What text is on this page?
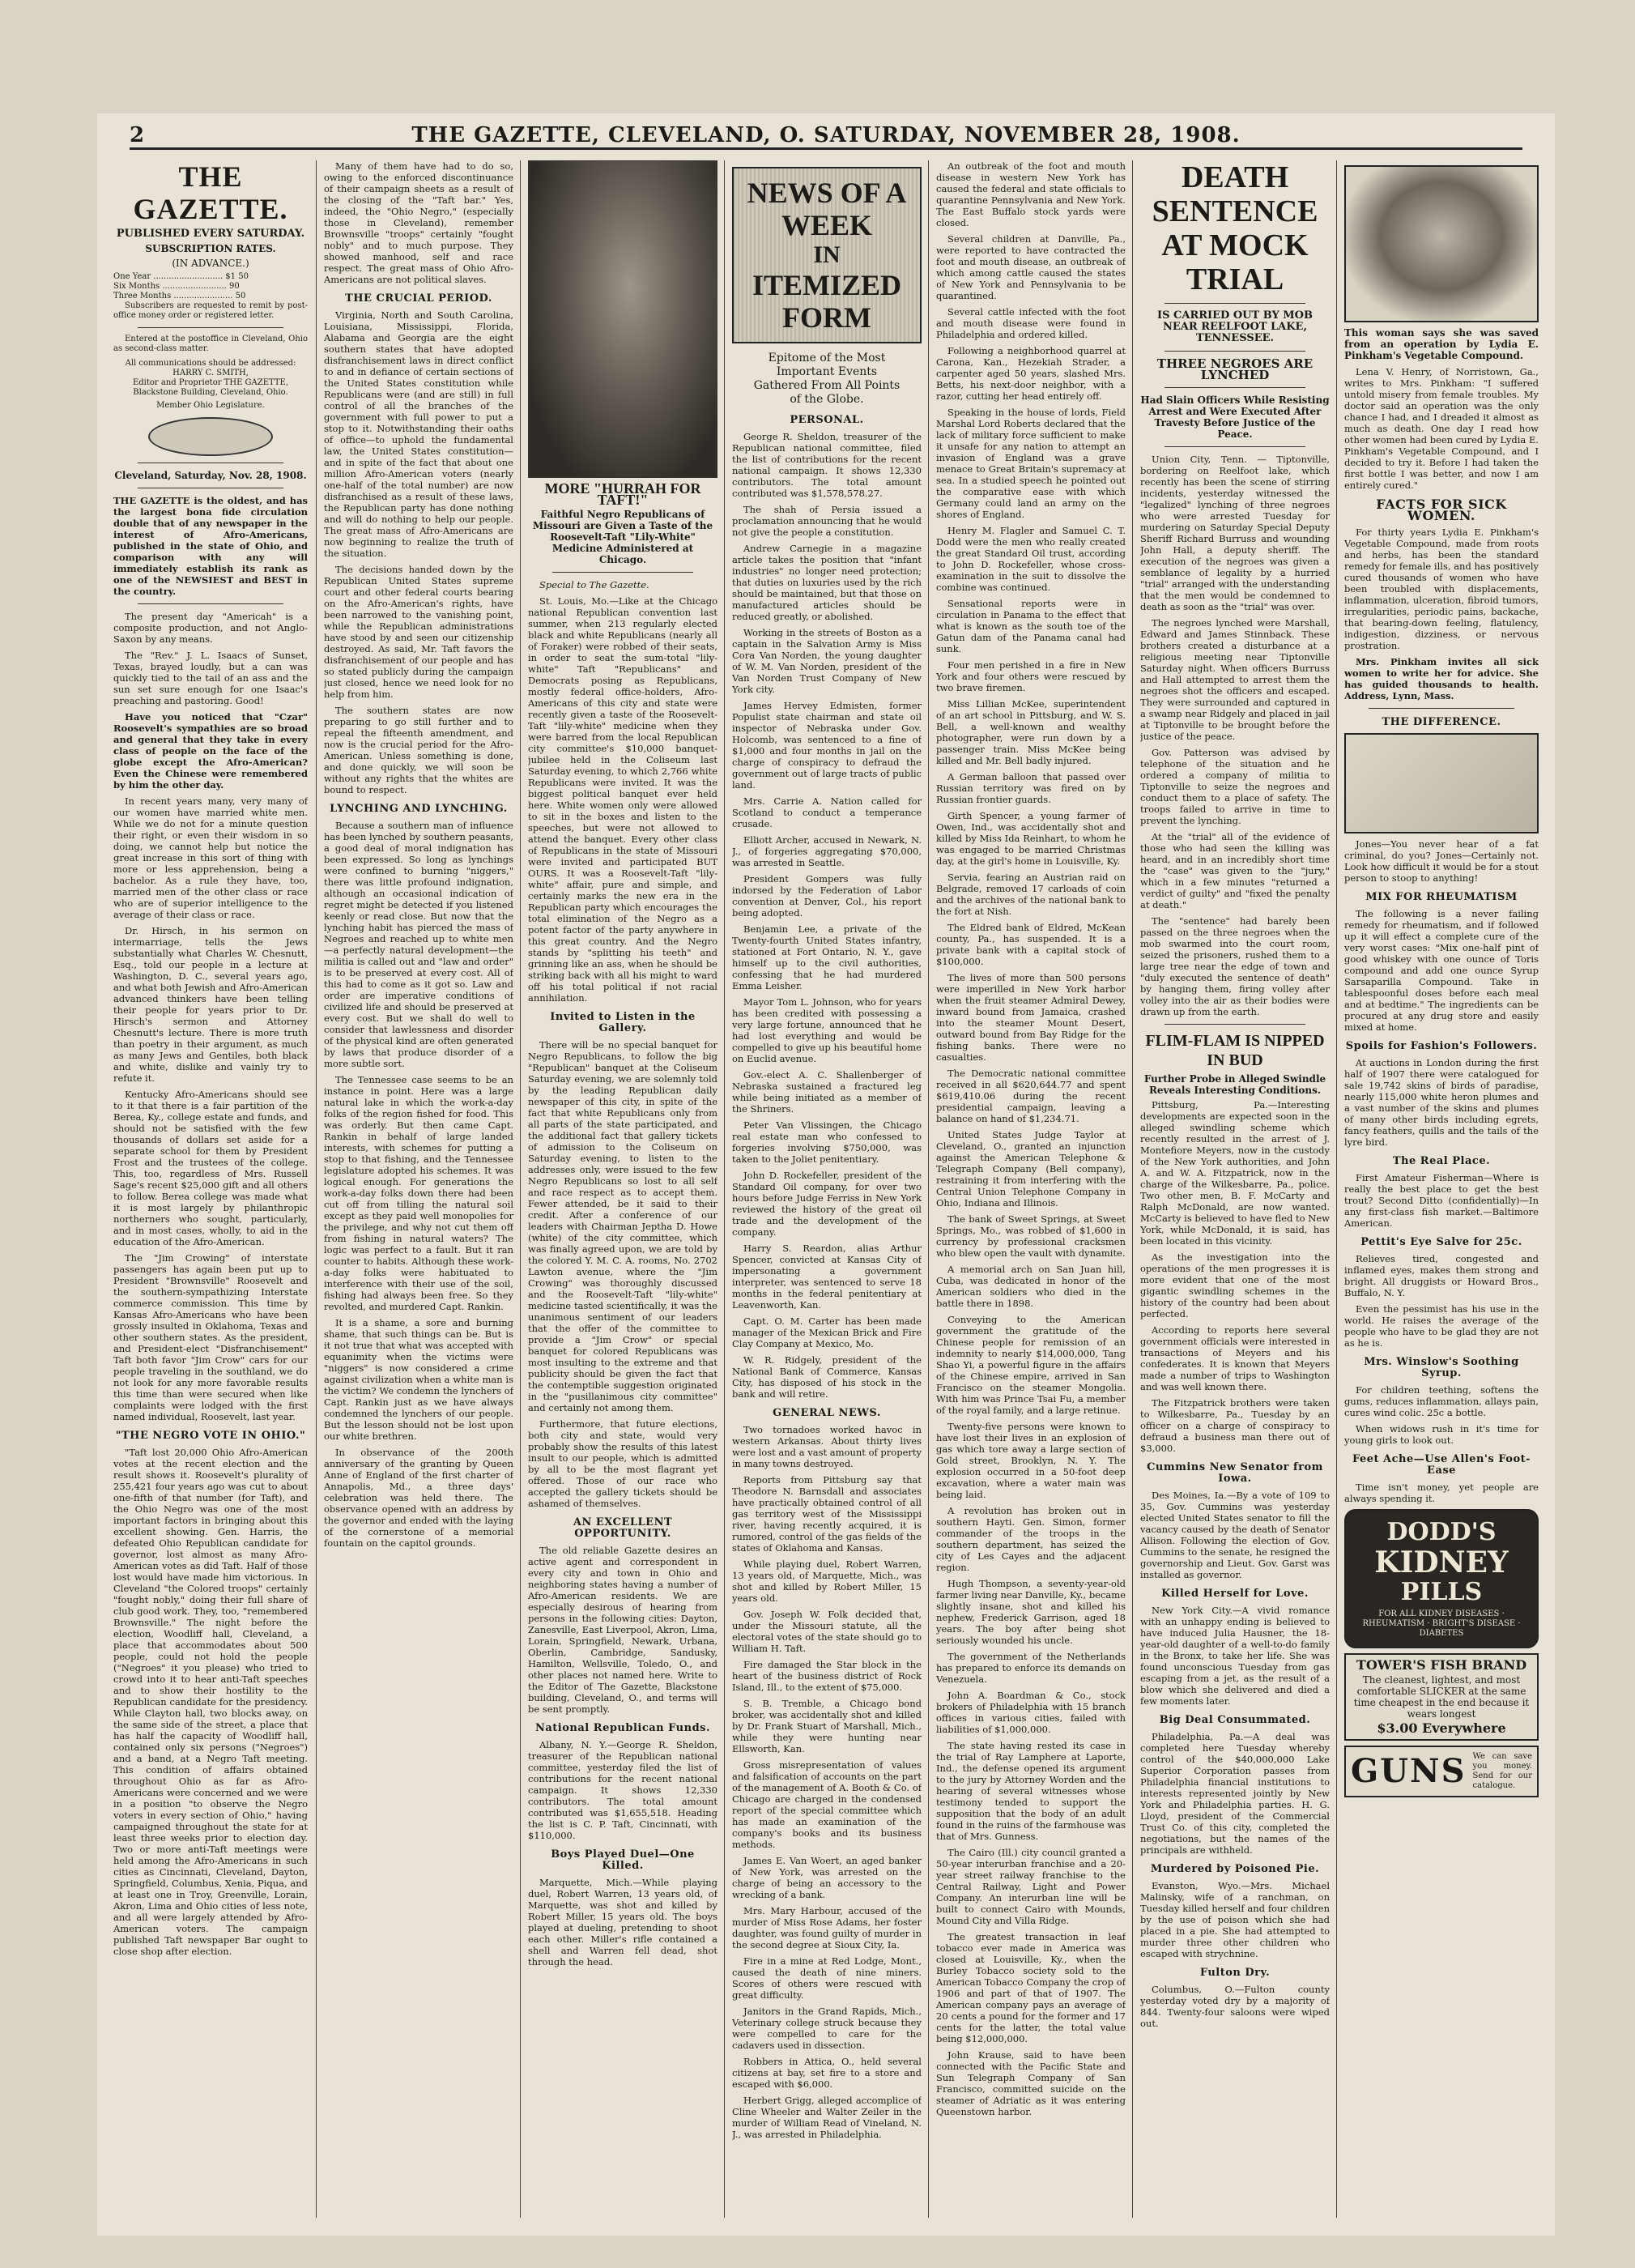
2	THE GAZETTE, CLEVELAND, O. SATURDAY, NOVEMBER 28, 1908.
THE GAZETTE.
PUBLISHED EVERY SATURDAY.
SUBSCRIPTION RATES.
(IN ADVANCE.)
One Year ........................... $1 50
Six Months ......................... 90
Three Months ....................... 50

Subscribers are requested to remit by post-office money order or registered letter.

Entered at the postoffice in Cleveland, Ohio as second-class matter.

All communications should be addressed:
HARRY C. SMITH,
Editor and Proprietor THE GAZETTE,
Blackstone Building, Cleveland, Ohio.
Member Ohio Legislature.
Cleveland, Saturday, Nov. 28, 1908.

THE GAZETTE is the oldest, and has the largest bona fide circulation double that of any newspaper in the interest of Afro-Americans, published in the state of Ohio, and comparison with any will immediately establish its rank as one of the NEWSIEST and BEST in the country.

The present day "Americah" is a composite production, and not Anglo-Saxon by any means.

The "Rev." J. L. Isaacs of Sunset, Texas, brayed loudly, but a can was quickly tied to the tail of an ass and the sun set sure enough for one Isaac's preaching and pastoring. Good!

Have you noticed that "Czar" Roosevelt's sympathies are so broad and general that they take in every class of people on the face of the globe except the Afro-American? Even the Chinese were remembered by him the other day.

In recent years many, very many of our women have married white men. While we do not for a minute question their right, or even their wisdom in so doing, we cannot help but notice the great increase in this sort of thing with more or less apprehension, being a bachelor. As a rule they have, too, married men of the other class or race who are of superior intelligence to the average of their class or race.

Dr. Hirsch, in his sermon on intermarriage, tells the Jews substantially what Charles W. Chesnutt, Esq., told our people in a lecture at Washington, D. C., several years ago, and what both Jewish and Afro-American advanced thinkers have been telling their people for years prior to Dr. Hirsch's sermon and Attorney Chesnutt's lecture. There is more truth than poetry in their argument, as much as many Jews and Gentiles, both black and white, dislike and vainly try to refute it.

Kentucky Afro-Americans should see to it that there is a fair partition of the Berea, Ky., college estate and funds, and should not be satisfied with the few thousands of dollars set aside for a separate school for them by President Frost and the trustees of the college. This, too, regardless of Mrs. Russell Sage's recent $25,000 gift and all others to follow. Berea college was made what it is most largely by philanthropic northerners who sought, particularly, and in most cases, wholly, to aid in the education of the Afro-American.

The "Jim Crowing" of interstate passengers has again been put up to President "Brownsville" Roosevelt and the southern-sympathizing Interstate commerce commission. This time by Kansas Afro-Americans who have been grossly insulted in Oklahoma, Texas and other southern states. As the president, and President-elect "Disfranchisement" Taft both favor "Jim Crow" cars for our people traveling in the southland, we do not look for any more favorable results this time than were secured when like complaints were lodged with the first named individual, Roosevelt, last year.

"THE NEGRO VOTE IN OHIO."

"Taft lost 20,000 Ohio Afro-American votes at the recent election and the result shows it. Roosevelt's plurality of 255,421 four years ago was cut to about one-fifth of that number (for Taft), and the Ohio Negro was one of the most important factors in bringing about this excellent showing. Gen. Harris, the defeated Ohio Republican candidate for governor, lost almost as many Afro-American votes as did Taft. Half of those lost would have made him victorious. In Cleveland "the Colored troops" certainly "fought nobly," doing their full share of club good work. They, too, "remembered Brownsville." The night before the election, Woodliff hall, Cleveland, a place that accommodates about 500 people, could not hold the people ("Negroes" it you please) who tried to crowd into it to hear anti-Taft speeches and to show their hostility to the Republican candidate for the presidency. While Clayton hall, two blocks away, on the same side of the street, a place that has half the capacity of Woodliff hall, contained only six persons ("Negroes") and a band, at a Negro Taft meeting. This condition of affairs obtained throughout Ohio as far as Afro-Americans were concerned and we were in a position "to observe the Negro voters in every section of Ohio," having campaigned throughout the state for at least three weeks prior to election day. Two or more anti-Taft meetings were held among the Afro-Americans in such cities as Cincinnati, Cleveland, Dayton, Springfield, Columbus, Xenia, Piqua, and at least one in Troy, Greenville, Lorain, Akron, Lima and Ohio cities of less note, and all were largely attended by Afro-American voters. The campaign published Taft newspaper Bar ought to close shop after election.

Many of them have had to do so, owing to the enforced discontinuance of their campaign sheets as a result of the closing of the "Taft bar." Yes, indeed, the "Ohio Negro," (especially those in Cleveland), remember Brownsville "troops" certainly "fought nobly" and to much purpose. They showed manhood, self and race respect. The great mass of Ohio Afro-Americans are not political slaves.

THE CRUCIAL PERIOD.

Virginia, North and South Carolina, Louisiana, Mississippi, Florida, Alabama and Georgia are the eight southern states that have adopted disfranchisement laws in direct conflict to and in defiance of certain sections of the United States constitution while Republicans were (and are still) in full control of all the branches of the government with full power to put a stop to it. Notwithstanding their oaths of office—to uphold the fundamental law, the United States constitution—and in spite of the fact that about one million Afro-American voters (nearly one-half of the total number) are now disfranchised as a result of these laws, the Republican party has done nothing and will do nothing to help our people. The great mass of Afro-Americans are now beginning to realize the truth of the situation.

The decisions handed down by the Republican United States supreme court and other federal courts bearing on the Afro-American's rights, have been narrowed to the vanishing point, while the Republican administrations have stood by and seen our citizenship destroyed. As said, Mr. Taft favors the disfranchisement of our people and has so stated publicly during the campaign just closed, hence we need look for no help from him.

The southern states are now preparing to go still further and to repeal the fifteenth amendment, and now is the crucial period for the Afro-American. Unless something is done, and done quickly, we will soon be without any rights that the whites are bound to respect.

LYNCHING AND LYNCHING.

Because a southern man of influence has been lynched by southern peasants, a good deal of moral indignation has been expressed. So long as lynchings were confined to burning "niggers," there was little profound indignation, although an occasional indication of regret might be detected if you listened keenly or read close. But now that the lynching habit has pierced the mass of Negroes and reached up to white men—a perfectly natural development—the militia is called out and "law and order" is to be preserved at every cost. All of this had to come as it got so. Law and order are imperative conditions of civilized life and should be preserved at every cost. But we shall do well to consider that lawlessness and disorder of the physical kind are often generated by laws that produce disorder of a more subtle sort.

The Tennessee case seems to be an instance in point. Here was a large natural lake in which the work-a-day folks of the region fished for food. This was orderly. But then came Capt. Rankin in behalf of large landed interests, with schemes for putting a stop to that fishing, and the Tennessee legislature adopted his schemes. It was logical enough. For generations the work-a-day folks down there had been cut off from tilling the natural soil except as they paid well monopolies for the privilege, and why not cut them off from fishing in natural waters? The logic was perfect to a fault. But it ran counter to habits. Although these work-a-day folks were habituated to interference with their use of the soil, fishing had always been free. So they revolted, and murdered Capt. Rankin.

It is a shame, a sore and burning shame, that such things can be. But is it not true that what was accepted with equanimity when the victims were "niggers" is now considered a crime against civilization when a white man is the victim? We condemn the lynchers of Capt. Rankin just as we have always condemned the lynchers of our people. But the lesson should not be lost upon our white brethren.

In observance of the 200th anniversary of the granting by Queen Anne of England of the first charter of Annapolis, Md., a three days' celebration was held there. The observance opened with an address by the governor and ended with the laying of the cornerstone of a memorial fountain on the capitol grounds.

MORE "HURRAH FOR TAFT!"
Faithful Negro Republicans of Missouri are Given a Taste of the Roosevelt-Taft "Lily-White" Medicine Administered at Chicago.

Special to The Gazette.

St. Louis, Mo.—Like at the Chicago national Republican convention last summer, when 213 regularly elected black and white Republicans (nearly all of Foraker) were robbed of their seats, in order to seat the sum-total "lily-white" Taft "Republicans" and Democrats posing as Republicans, mostly federal office-holders, Afro-Americans of this city and state were recently given a taste of the Roosevelt-Taft "lily-white" medicine when they were barred from the local Republican city committee's $10,000 banquet-jubilee held in the Coliseum last Saturday evening, to which 2,766 white Republicans were invited. It was the biggest political banquet ever held here. White women only were allowed to sit in the boxes and listen to the speeches, but were not allowed to attend the banquet. Every other class of Republicans in the state of Missouri were invited and participated BUT OURS. It was a Roosevelt-Taft "lily-white" affair, pure and simple, and certainly marks the new era in the Republican party which encourages the total elimination of the Negro as a potent factor of the party anywhere in this great country. And the Negro stands by "splitting his teeth" and grinning like an ass, when he should be striking back with all his might to ward off his total political if not racial annihilation.

Invited to Listen in the Gallery.

There will be no special banquet for Negro Republicans, to follow the big "Republican" banquet at the Coliseum Saturday evening, we are solemnly told by the leading Republican daily newspaper of this city, in spite of the fact that white Republicans only from all parts of the state participated, and the additional fact that gallery tickets of admission to the Coliseum on Saturday evening, to listen to the addresses only, were issued to the few Negro Republicans so lost to all self and race respect as to accept them. Fewer attended, be it said to their credit. After a conference of our leaders with Chairman Jeptha D. Howe (white) of the city committee, which was finally agreed upon, we are told by the colored Y. M. C. A. rooms, No. 2702 Lawton avenue, where the "Jim Crowing" was thoroughly discussed and the Roosevelt-Taft "lily-white" medicine tasted scientifically, it was the unanimous sentiment of our leaders that the offer of the committee to provide a "Jim Crow" or special banquet for colored Republicans was most insulting to the extreme and that publicity should be given the fact that the contemptible suggestion originated in the "pusillanimous city committee" and certainly not among them.

Furthermore, that future elections, both city and state, would very probably show the results of this latest insult to our people, which is admitted by all to be the most flagrant yet offered. Those of our race who accepted the gallery tickets should be ashamed of themselves.

AN EXCELLENT OPPORTUNITY.

The old reliable Gazette desires an active agent and correspondent in every city and town in Ohio and neighboring states having a number of Afro-American residents. We are especially desirous of hearing from persons in the following cities: Dayton, Zanesville, East Liverpool, Akron, Lima, Lorain, Springfield, Newark, Urbana, Oberlin, Cambridge, Sandusky, Hamilton, Wellsville, Toledo, O., and other places not named here. Write to the Editor of The Gazette, Blackstone building, Cleveland, O., and terms will be sent promptly.

National Republican Funds.

Albany, N. Y.—George R. Sheldon, treasurer of the Republican national committee, yesterday filed the list of contributions for the recent national campaign. It shows 12,330 contributors. The total amount contributed was $1,655,518. Heading the list is C. P. Taft, Cincinnati, with $110,000.

Boys Played Duel—One Killed.

Marquette, Mich.—While playing duel, Robert Warren, 13 years old, of Marquette, was shot and killed by Robert Miller, 15 years old. The boys played at dueling, pretending to shoot each other. Miller's rifle contained a shell and Warren fell dead, shot through the head.

NEWS OF A WEEK
IN
ITEMIZED FORM
Epitome of the Most Important Events Gathered From All Points of the Globe.
PERSONAL.

George R. Sheldon, treasurer of the Republican national committee, filed the list of contributions for the recent national campaign. It shows 12,330 contributors. The total amount contributed was $1,578,578.27.

The shah of Persia issued a proclamation announcing that he would not give the people a constitution.

Andrew Carnegie in a magazine article takes the position that "infant industries" no longer need protection; that duties on luxuries used by the rich should be maintained, but that those on manufactured articles should be reduced greatly, or abolished.

Working in the streets of Boston as a captain in the Salvation Army is Miss Cora Van Norden, the young daughter of W. M. Van Norden, president of the Van Norden Trust Company of New York city.

James Hervey Edmisten, former Populist state chairman and state oil inspector of Nebraska under Gov. Holcomb, was sentenced to a fine of $1,000 and four months in jail on the charge of conspiracy to defraud the government out of large tracts of public land.

Mrs. Carrie A. Nation called for Scotland to conduct a temperance crusade.

Elliott Archer, accused in Newark, N. J., of forgeries aggregating $70,000, was arrested in Seattle.

President Gompers was fully indorsed by the Federation of Labor convention at Denver, Col., his report being adopted.

Benjamin Lee, a private of the Twenty-fourth United States infantry, stationed at Fort Ontario, N. Y., gave himself up to the civil authorities, confessing that he had murdered Emma Leisher.

Mayor Tom L. Johnson, who for years has been credited with possessing a very large fortune, announced that he had lost everything and would be compelled to give up his beautiful home on Euclid avenue.

Gov.-elect A. C. Shallenberger of Nebraska sustained a fractured leg while being initiated as a member of the Shriners.

Peter Van Vlissingen, the Chicago real estate man who confessed to forgeries involving $750,000, was taken to the Joliet penitentiary.

John D. Rockefeller, president of the Standard Oil company, for over two hours before Judge Ferriss in New York reviewed the history of the great oil trade and the development of the company.

Harry S. Reardon, alias Arthur Spencer, convicted at Kansas City of impersonating a government interpreter, was sentenced to serve 18 months in the federal penitentiary at Leavenworth, Kan.

Capt. O. M. Carter has been made manager of the Mexican Brick and Fire Clay Company at Mexico, Mo.

W. R. Ridgely, president of the National Bank of Commerce, Kansas City, has disposed of his stock in the bank and will retire.

GENERAL NEWS.

Two tornadoes worked havoc in western Arkansas. About thirty lives were lost and a vast amount of property in many towns destroyed.

Reports from Pittsburg say that Theodore N. Barnsdall and associates have practically obtained control of all gas territory west of the Mississippi river, having recently acquired, it is rumored, control of the gas fields of the states of Oklahoma and Kansas.

While playing duel, Robert Warren, 13 years old, of Marquette, Mich., was shot and killed by Robert Miller, 15 years old.

Gov. Joseph W. Folk decided that, under the Missouri statute, all the electoral votes of the state should go to William H. Taft.

Fire damaged the Star block in the heart of the business district of Rock Island, Ill., to the extent of $75,000.

S. B. Tremble, a Chicago bond broker, was accidentally shot and killed by Dr. Frank Stuart of Marshall, Mich., while they were hunting near Ellsworth, Kan.

Gross misrepresentation of values and falsification of accounts on the part of the management of A. Booth & Co. of Chicago are charged in the condensed report of the special committee which has made an examination of the company's books and its business methods.

James E. Van Woert, an aged banker of New York, was arrested on the charge of being an accessory to the wrecking of a bank.

Mrs. Mary Harbour, accused of the murder of Miss Rose Adams, her foster daughter, was found guilty of murder in the second degree at Sioux City, Ia.

Fire in a mine at Red Lodge, Mont., caused the death of nine miners. Scores of others were rescued with great difficulty.

Janitors in the Grand Rapids, Mich., Veterinary college struck because they were compelled to care for the cadavers used in dissection.

Robbers in Attica, O., held several citizens at bay, set fire to a store and escaped with $6,000.

Herbert Grigg, alleged accomplice of Cline Wheeler and Walter Zeiler in the murder of William Read of Vineland, N. J., was arrested in Philadelphia.

An outbreak of the foot and mouth disease in western New York has caused the federal and state officials to quarantine Pennsylvania and New York. The East Buffalo stock yards were closed.

Several children at Danville, Pa., were reported to have contracted the foot and mouth disease, an outbreak of which among cattle caused the states of New York and Pennsylvania to be quarantined.

Several cattle infected with the foot and mouth disease were found in Philadelphia and ordered killed.

Following a neighborhood quarrel at Carona, Kan., Hezekiah Strader, a carpenter aged 50 years, slashed Mrs. Betts, his next-door neighbor, with a razor, cutting her head entirely off.

Speaking in the house of lords, Field Marshal Lord Roberts declared that the lack of military force sufficient to make it unsafe for any nation to attempt an invasion of England was a grave menace to Great Britain's supremacy at sea. In a studied speech he pointed out the comparative ease with which Germany could land an army on the shores of England.

Henry M. Flagler and Samuel C. T. Dodd were the men who really created the great Standard Oil trust, according to John D. Rockefeller, whose cross-examination in the suit to dissolve the combine was continued.

Sensational reports were in circulation in Panama to the effect that what is known as the south toe of the Gatun dam of the Panama canal had sunk.

Four men perished in a fire in New York and four others were rescued by two brave firemen.

Miss Lillian McKee, superintendent of an art school in Pittsburg, and W. S. Bell, a well-known and wealthy photographer, were run down by a passenger train. Miss McKee being killed and Mr. Bell badly injured.

A German balloon that passed over Russian territory was fired on by Russian frontier guards.

Girth Spencer, a young farmer of Owen, Ind., was accidentally shot and killed by Miss Ida Reinhart, to whom he was engaged to be married Christmas day, at the girl's home in Louisville, Ky.

Servia, fearing an Austrian raid on Belgrade, removed 17 carloads of coin and the archives of the national bank to the fort at Nish.

The Eldred bank of Eldred, McKean county, Pa., has suspended. It is a private bank with a capital stock of $100,000.

The lives of more than 500 persons were imperilled in New York harbor when the fruit steamer Admiral Dewey, inward bound from Jamaica, crashed into the steamer Mount Desert, outward bound from Bay Ridge for the fishing banks. There were no casualties.

The Democratic national committee received in all $620,644.77 and spent $619,410.06 during the recent presidential campaign, leaving a balance on hand of $1,234.71.

United States Judge Taylor at Cleveland, O., granted an injunction against the American Telephone & Telegraph Company (Bell company), restraining it from interfering with the Central Union Telephone Company in Ohio, Indiana and Illinois.

The bank of Sweet Springs, at Sweet Springs, Mo., was robbed of $1,600 in currency by professional cracksmen who blew open the vault with dynamite.

A memorial arch on San Juan hill, Cuba, was dedicated in honor of the American soldiers who died in the battle there in 1898.

Conveying to the American government the gratitude of the Chinese people for remission of an indemnity to nearly $14,000,000, Tang Shao Yi, a powerful figure in the affairs of the Chinese empire, arrived in San Francisco on the steamer Mongolia. With him was Prince Tsai Fu, a member of the royal family, and a large retinue.

Twenty-five persons were known to have lost their lives in an explosion of gas which tore away a large section of Gold street, Brooklyn, N. Y. The explosion occurred in a 50-foot deep excavation, where a water main was being laid.

A revolution has broken out in southern Hayti. Gen. Simon, former commander of the troops in the southern department, has seized the city of Les Cayes and the adjacent region.

Hugh Thompson, a seventy-year-old farmer living near Danville, Ky., became slightly insane, shot and killed his nephew, Frederick Garrison, aged 18 years. The boy after being shot seriously wounded his uncle.

The government of the Netherlands has prepared to enforce its demands on Venezuela.

John A. Boardman & Co., stock brokers of Philadelphia with 15 branch offices in various cities, failed with liabilities of $1,000,000.

The state having rested its case in the trial of Ray Lamphere at Laporte, Ind., the defense opened its argument to the jury by Attorney Worden and the hearing of several witnesses whose testimony tended to support the supposition that the body of an adult found in the ruins of the farmhouse was that of Mrs. Gunness.

The Cairo (Ill.) city council granted a 50-year interurban franchise and a 20-year street railway franchise to the Central Railway, Light and Power Company. An interurban line will be built to connect Cairo with Mounds, Mound City and Villa Ridge.

The greatest transaction in leaf tobacco ever made in America was closed at Louisville, Ky., when the Burley Tobacco society sold to the American Tobacco Company the crop of 1906 and part of that of 1907. The American company pays an average of 20 cents a pound for the former and 17 cents for the latter, the total value being $12,000,000.

John Krause, said to have been connected with the Pacific State and Sun Telegraph Company of San Francisco, committed suicide on the steamer of Adriatic as it was entering Queenstown harbor.

DEATH SENTENCE
AT MOCK TRIAL
IS CARRIED OUT BY MOB NEAR REELFOOT LAKE, TENNESSEE.
THREE NEGROES ARE LYNCHED
Had Slain Officers While Resisting Arrest and Were Executed After Travesty Before Justice of the Peace.

Union City, Tenn. — Tiptonville, bordering on Reelfoot lake, which recently has been the scene of stirring incidents, yesterday witnessed the "legalized" lynching of three negroes who were arrested Tuesday for murdering on Saturday Special Deputy Sheriff Richard Burruss and wounding John Hall, a deputy sheriff. The execution of the negroes was given a semblance of legality by a hurried "trial" arranged with the understanding that the men would be condemned to death as soon as the "trial" was over.

The negroes lynched were Marshall, Edward and James Stinnback. These brothers created a disturbance at a religious meeting near Tiptonville Saturday night. When officers Burruss and Hall attempted to arrest them the negroes shot the officers and escaped. They were surrounded and captured in a swamp near Ridgely and placed in jail at Tiptonville to be brought before the justice of the peace.

Gov. Patterson was advised by telephone of the situation and he ordered a company of militia to Tiptonville to seize the negroes and conduct them to a place of safety. The troops failed to arrive in time to prevent the lynching.

At the "trial" all of the evidence of those who had seen the killing was heard, and in an incredibly short time the "case" was given to the "jury," which in a few minutes "returned a verdict of guilty" and "fixed the penalty at death."

The "sentence" had barely been passed on the three negroes when the mob swarmed into the court room, seized the prisoners, rushed them to a large tree near the edge of town and "duly executed the sentence of death" by hanging them, firing volley after volley into the air as their bodies were drawn up from the earth.

FLIM-FLAM IS NIPPED IN BUD
Further Probe in Alleged Swindle Reveals Interesting Conditions.

Pittsburg, Pa.—Interesting developments are expected soon in the alleged swindling scheme which recently resulted in the arrest of J. Montefiore Meyers, now in the custody of the New York authorities, and John A. and W. A. Fitzpatrick, now in the charge of the Wilkesbarre, Pa., police. Two other men, B. F. McCarty and Ralph McDonald, are now wanted. McCarty is believed to have fled to New York, while McDonald, it is said, has been located in this vicinity.

As the investigation into the operations of the men progresses it is more evident that one of the most gigantic swindling schemes in the history of the country had been about perfected.

According to reports here several government officials were interested in transactions of Meyers and his confederates. It is known that Meyers made a number of trips to Washington and was well known there.

The Fitzpatrick brothers were taken to Wilkesbarre, Pa., Tuesday by an officer on a charge of conspiracy to defraud a business man there out of $3,000.

Cummins New Senator from Iowa.

Des Moines, Ia.—By a vote of 109 to 35, Gov. Cummins was yesterday elected United States senator to fill the vacancy caused by the death of Senator Allison. Following the election of Gov. Cummins to the senate, he resigned the governorship and Lieut. Gov. Garst was installed as governor.

Killed Herself for Love.

New York City.—A vivid romance with an unhappy ending is believed to have induced Julia Hausner, the 18-year-old daughter of a well-to-do family in the Bronx, to take her life. She was found unconscious Tuesday from gas escaping from a jet, as the result of a blow which she delivered and died a few moments later.

Big Deal Consummated.

Philadelphia, Pa.—A deal was completed here Tuesday whereby control of the $40,000,000 Lake Superior Corporation passes from Philadelphia financial institutions to interests represented jointly by New York and Philadelphia parties. H. G. Lloyd, president of the Commercial Trust Co. of this city, completed the negotiations, but the names of the principals are withheld.

Murdered by Poisoned Pie.

Evanston, Wyo.—Mrs. Michael Malinsky, wife of a ranchman, on Tuesday killed herself and four children by the use of poison which she had placed in a pie. She had attempted to murder three other children who escaped with strychnine.

Fulton Dry.

Columbus, O.—Fulton county yesterday voted dry by a majority of 844. Twenty-four saloons were wiped out.

This woman says she was saved from an operation by Lydia E. Pinkham's Vegetable Compound.

Lena V. Henry, of Norristown, Ga., writes to Mrs. Pinkham: "I suffered untold misery from female troubles. My doctor said an operation was the only chance I had, and I dreaded it almost as much as death. One day I read how other women had been cured by Lydia E. Pinkham's Vegetable Compound, and I decided to try it. Before I had taken the first bottle I was better, and now I am entirely cured."

FACTS FOR SICK WOMEN.

For thirty years Lydia E. Pinkham's Vegetable Compound, made from roots and herbs, has been the standard remedy for female ills, and has positively cured thousands of women who have been troubled with displacements, inflammation, ulceration, fibroid tumors, irregularities, periodic pains, backache, that bearing-down feeling, flatulency, indigestion, dizziness, or nervous prostration.

Mrs. Pinkham invites all sick women to write her for advice. She has guided thousands to health. Address, Lynn, Mass.

THE DIFFERENCE.

Jones—You never hear of a fat criminal, do you? Jones—Certainly not. Look how difficult it would be for a stout person to stoop to anything!

MIX FOR RHEUMATISM

The following is a never failing remedy for rheumatism, and if followed up it will effect a complete cure of the very worst cases: "Mix one-half pint of good whiskey with one ounce of Toris compound and add one ounce Syrup Sarsaparilla Compound. Take in tablespoonful doses before each meal and at bedtime." The ingredients can be procured at any drug store and easily mixed at home.

Spoils for Fashion's Followers.

At auctions in London during the first half of 1907 there were catalogued for sale 19,742 skins of birds of paradise, nearly 115,000 white heron plumes and a vast number of the skins and plumes of many other birds including egrets, fancy feathers, quills and the tails of the lyre bird.

The Real Place.

First Amateur Fisherman—Where is really the best place to get the best trout? Second Ditto (confidentially)—In any first-class fish market.—Baltimore American.

Pettit's Eye Salve for 25c.

Relieves tired, congested and inflamed eyes, makes them strong and bright. All druggists or Howard Bros., Buffalo, N. Y.

Even the pessimist has his use in the world. He raises the average of the people who have to be glad they are not as he is.

Mrs. Winslow's Soothing Syrup.

For children teething, softens the gums, reduces inflammation, allays pain, cures wind colic. 25c a bottle.

When widows rush in it's time for young girls to look out.

Feet Ache—Use Allen's Foot-Ease

Time isn't money, yet people are always spending it.

DODD'S
KIDNEY
PILLS
FOR ALL KIDNEY DISEASES · RHEUMATISM · BRIGHT'S DISEASE · DIABETES
TOWER'S FISH BRAND
The cleanest, lightest, and most comfortable SLICKER at the same time cheapest in the end because it wears longest
$3.00 Everywhere
GUNS We can save you money. Send for our catalogue.
